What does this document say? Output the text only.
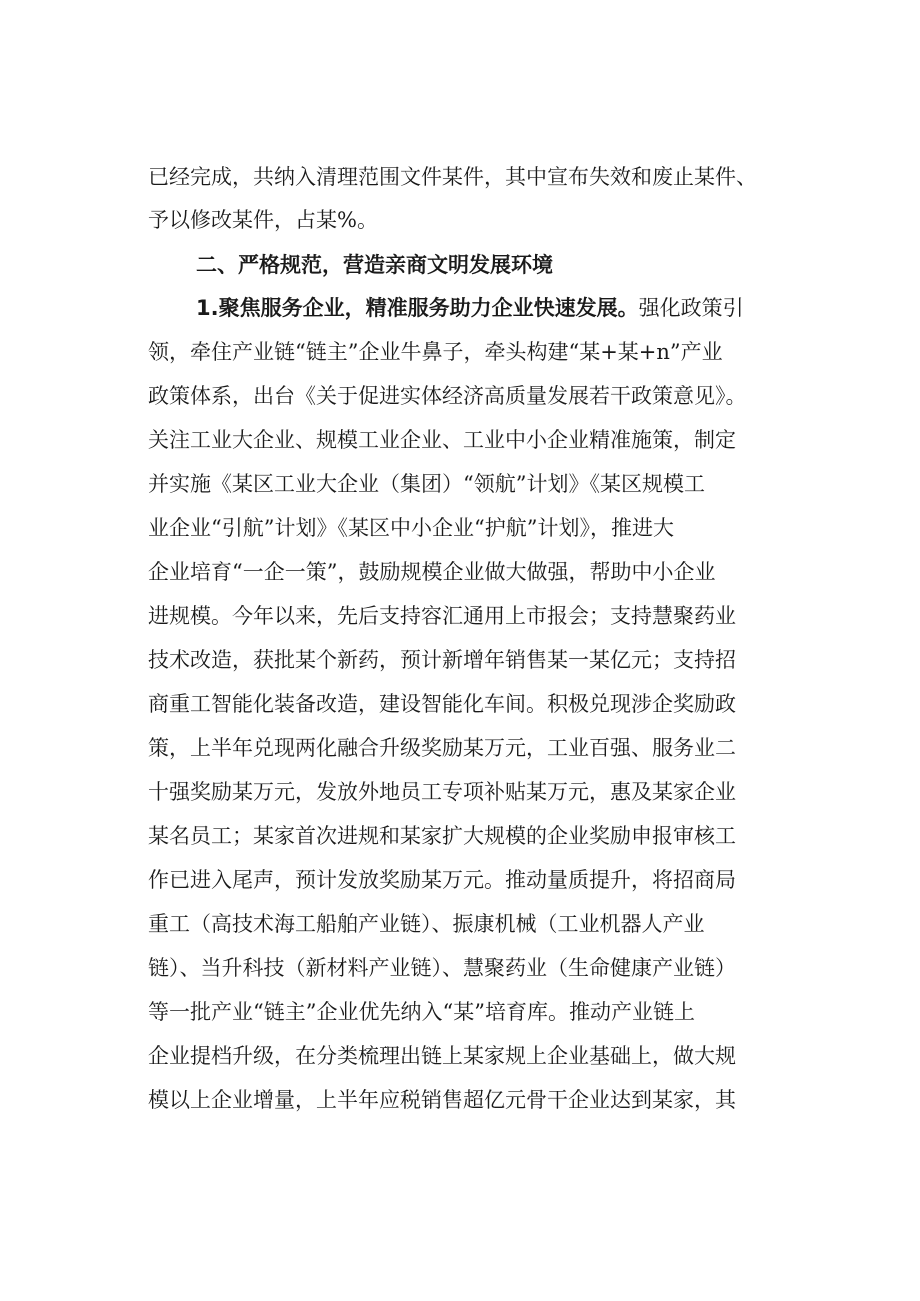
已经完成，共纳入清理范围文件某件，其中宣布失效和废止某件、
予以修改某件，占某%。
二、严格规范，营造亲商文明发展环境
1.聚焦服务企业，精准服务助力企业快速发展。强化政策引
领，牵住产业链“链主”企业牛鼻子，牵头构建“某+某+n”产业
政策体系，出台《关于促进实体经济高质量发展若干政策意见》。
关注工业大企业、规模工业企业、工业中小企业精准施策，制定
并实施《某区工业大企业（集团）“领航”计划》《某区规模工
业企业“引航”计划》《某区中小企业“护航”计划》，推进大
企业培育“一企一策”，鼓励规模企业做大做强，帮助中小企业
进规模。今年以来，先后支持容汇通用上市报会；支持慧聚药业
技术改造，获批某个新药，预计新增年销售某一某亿元；支持招
商重工智能化装备改造，建设智能化车间。积极兑现涉企奖励政
策，上半年兑现两化融合升级奖励某万元，工业百强、服务业二
十强奖励某万元，发放外地员工专项补贴某万元，惠及某家企业
某名员工；某家首次进规和某家扩大规模的企业奖励申报审核工
作已进入尾声，预计发放奖励某万元。推动量质提升，将招商局
重工（高技术海工船舶产业链）、振康机械（工业机器人产业
链）、当升科技（新材料产业链）、慧聚药业（生命健康产业链）
等一批产业“链主”企业优先纳入“某”培育库。推动产业链上
企业提档升级，在分类梳理出链上某家规上企业基础上，做大规
模以上企业增量，上半年应税销售超亿元骨干企业达到某家，其
